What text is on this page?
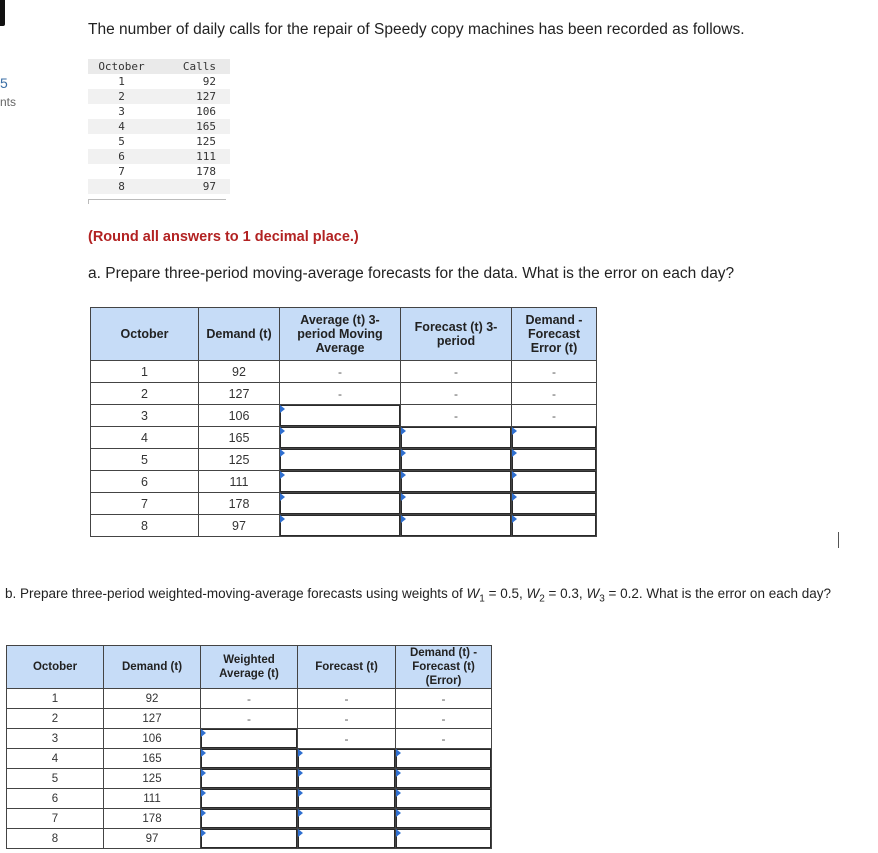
5
nts
The number of daily calls for the repair of Speedy copy machines has been recorded as follows.
October	Calls
1	92
2	127
3	106
4	165
5	125
6	111
7	178
8	97
(Round all answers to 1 decimal place.)
a. Prepare three-period moving-average forecasts for the data. What is the error on each day?
October	Demand (t)	Average (t) 3-period Moving Average	Forecast (t) 3-period	Demand - Forecast Error (t)
1	92	-	-	-
2	127	-	-	-
3	106		-	-
4	165	

5	125	

6	111	

7	178	

8	97	

b. Prepare three-period weighted-moving-average forecasts using weights of $W_1 = 0.5$, $W_2 = 0.3$, $W_3 = 0.2$. What is the error on each day?
October	Demand (t)	Weighted Average (t)	Forecast (t)	Demand (t) - Forecast (t) (Error)
1	92	-	-	-
2	127	-	-	-
3	106		-	-
4	165	

5	125	

6	111	

7	178	

8	97	
